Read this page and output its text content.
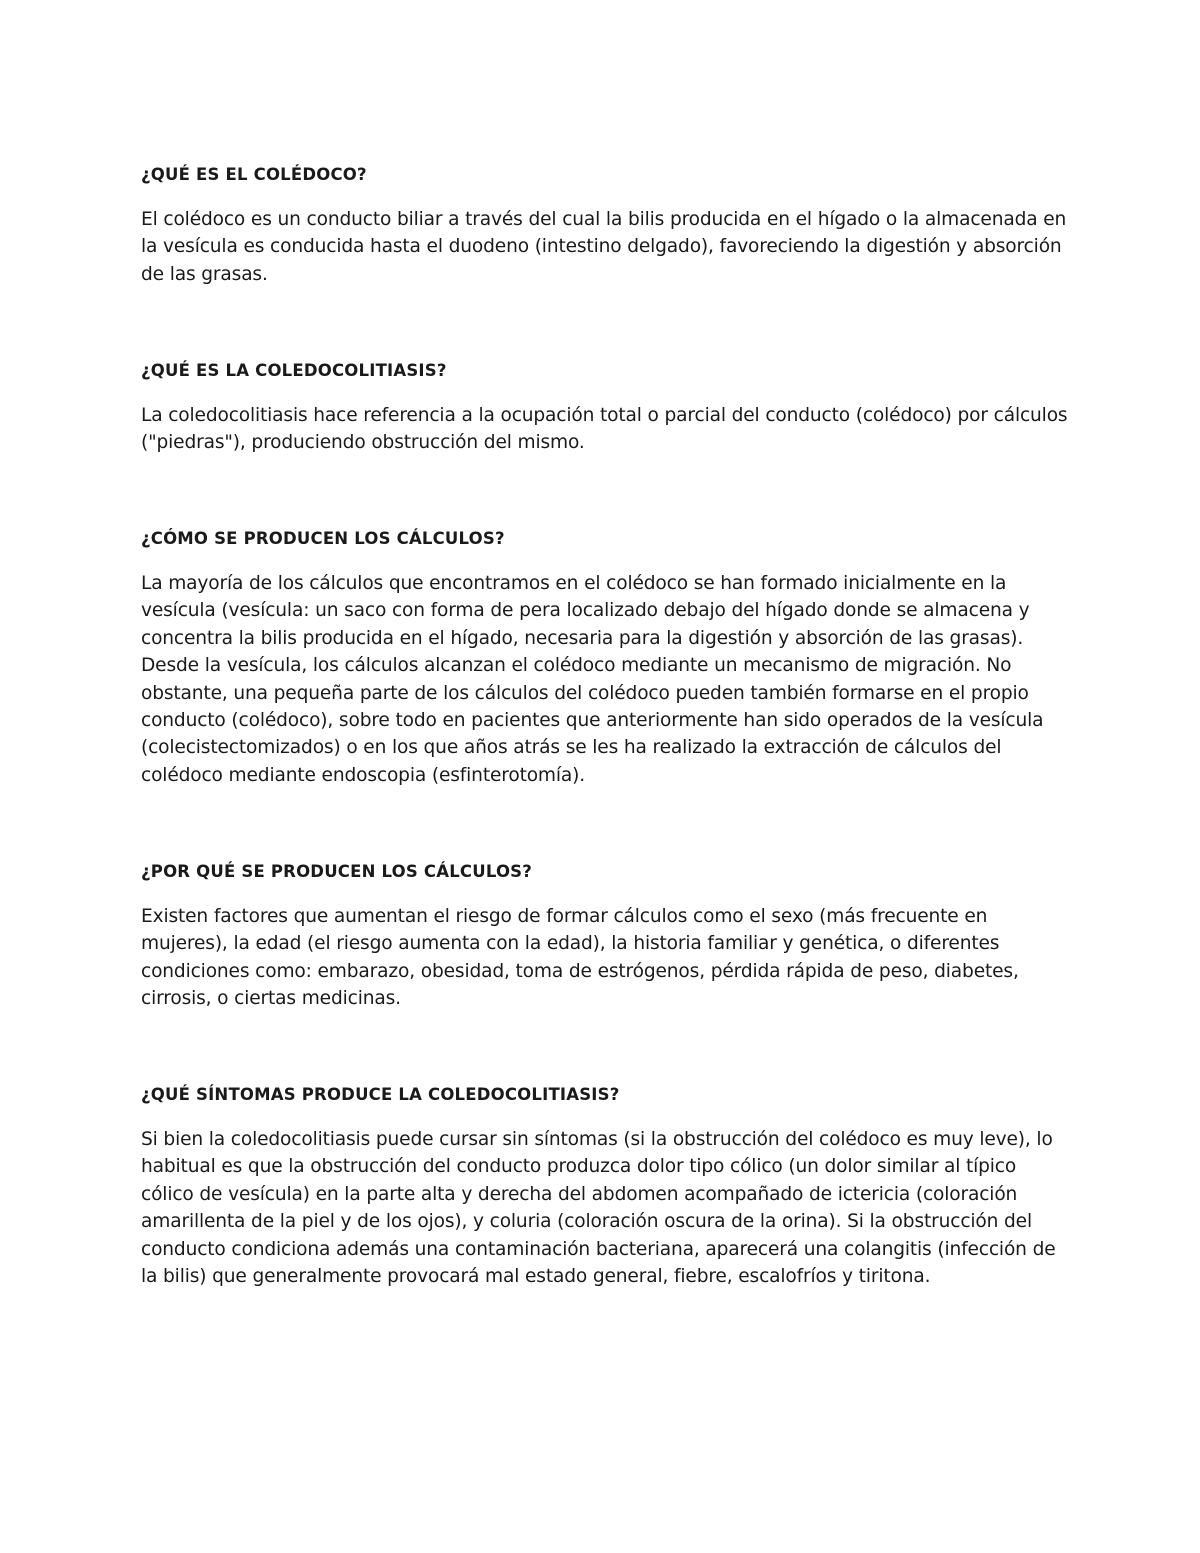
¿QUÉ ES EL COLÉDOCO?

El colédoco es un conducto biliar a través del cual la bilis producida en el hígado o la almacenada en la vesícula es conducida hasta el duodeno (intestino delgado), favoreciendo la digestión y absorción de las grasas.

¿QUÉ ES LA COLEDOCOLITIASIS?

La coledocolitiasis hace referencia a la ocupación total o parcial del conducto (colédoco) por cálculos ("piedras"), produciendo obstrucción del mismo.

¿CÓMO SE PRODUCEN LOS CÁLCULOS?

La mayoría de los cálculos que encontramos en el colédoco se han formado inicialmente en la vesícula (vesícula: un saco con forma de pera localizado debajo del hígado donde se almacena y concentra la bilis producida en el hígado, necesaria para la digestión y absorción de las grasas). Desde la vesícula, los cálculos alcanzan el colédoco mediante un mecanismo de migración. No obstante, una pequeña parte de los cálculos del colédoco pueden también formarse en el propio conducto (colédoco), sobre todo en pacientes que anteriormente han sido operados de la vesícula (colecistectomizados) o en los que años atrás se les ha realizado la extracción de cálculos del colédoco mediante endoscopia (esfinterotomía).

¿POR QUÉ SE PRODUCEN LOS CÁLCULOS?

Existen factores que aumentan el riesgo de formar cálculos como el sexo (más frecuente en mujeres), la edad (el riesgo aumenta con la edad), la historia familiar y genética, o diferentes condiciones como: embarazo, obesidad, toma de estrógenos, pérdida rápida de peso, diabetes, cirrosis, o ciertas medicinas.

¿QUÉ SÍNTOMAS PRODUCE LA COLEDOCOLITIASIS?

Si bien la coledocolitiasis puede cursar sin síntomas (si la obstrucción del colédoco es muy leve), lo habitual es que la obstrucción del conducto produzca dolor tipo cólico (un dolor similar al típico cólico de vesícula) en la parte alta y derecha del abdomen acompañado de ictericia (coloración amarillenta de la piel y de los ojos), y coluria (coloración oscura de la orina). Si la obstrucción del conducto condiciona además una contaminación bacteriana, aparecerá una colangitis (infección de la bilis) que generalmente provocará mal estado general, fiebre, escalofríos y tiritona.
